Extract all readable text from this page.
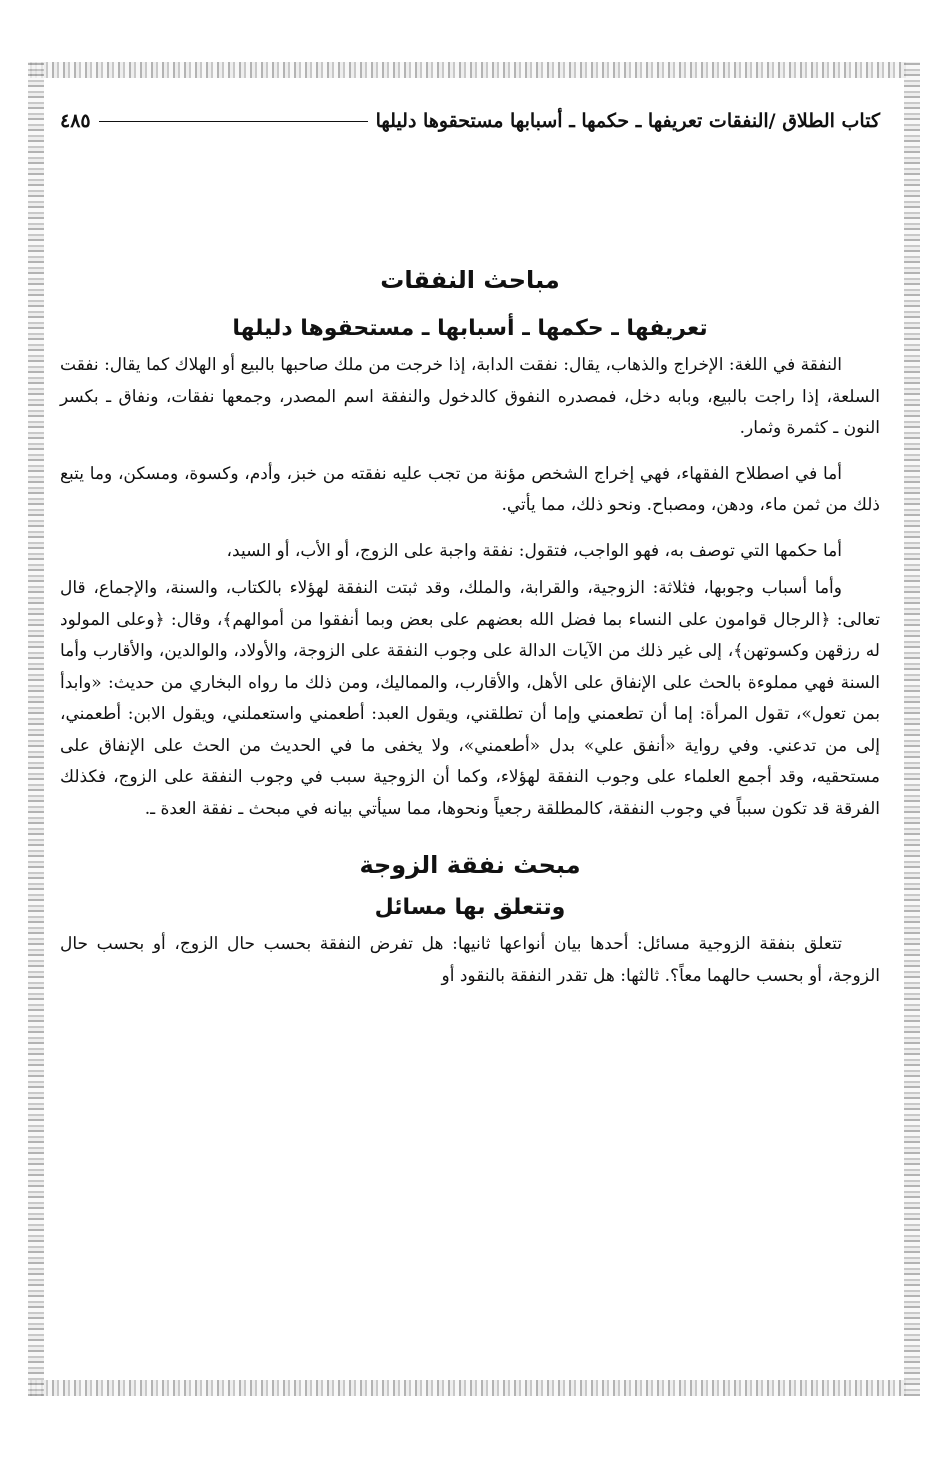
كتاب الطلاق /النفقات تعريفها ـ حكمها ـ أسبابها مستحقوها دليلها
٤٨٥
مباحث النفقات
تعريفها ـ حكمها ـ أسبابها ـ مستحقوها دليلها

النفقة في اللغة: الإخراج والذهاب، يقال: نفقت الدابة، إذا خرجت من ملك صاحبها بالبيع أو الهلاك كما يقال: نفقت السلعة، إذا راجت بالبيع، وبابه دخل، فمصدره النفوق كالدخول والنفقة اسم المصدر، وجمعها نفقات، ونفاق ـ بكسر النون ـ كثمرة وثمار.

أما في اصطلاح الفقهاء، فهي إخراج الشخص مؤنة من تجب عليه نفقته من خبز، وأدم، وكسوة، ومسكن، وما يتبع ذلك من ثمن ماء، ودهن، ومصباح. ونحو ذلك، مما يأتي.

أما حكمها التي توصف به، فهو الواجب، فتقول: نفقة واجبة على الزوج، أو الأب، أو السيد،

وأما أسباب وجوبها، فثلاثة: الزوجية، والقرابة، والملك، وقد ثبتت النفقة لهؤلاء بالكتاب، والسنة، والإجماع، قال تعالى: ﴿الرجال قوامون على النساء بما فضل الله بعضهم على بعض وبما أنفقوا من أموالهم﴾، وقال: ﴿وعلى المولود له رزقهن وكسوتهن﴾، إلى غير ذلك من الآيات الدالة على وجوب النفقة على الزوجة، والأولاد، والوالدين، والأقارب وأما السنة فهي مملوءة بالحث على الإنفاق على الأهل، والأقارب، والمماليك، ومن ذلك ما رواه البخاري من حديث: «وابدأ بمن تعول»، تقول المرأة: إما أن تطعمني وإما أن تطلقني، ويقول العبد: أطعمني واستعملني، ويقول الابن: أطعمني، إلى من تدعني. وفي رواية «أنفق علي» بدل «أطعمني»، ولا يخفى ما في الحديث من الحث على الإنفاق على مستحقيه، وقد أجمع العلماء على وجوب النفقة لهؤلاء، وكما أن الزوجية سبب في وجوب النفقة على الزوج، فكذلك الفرقة قد تكون سبباً في وجوب النفقة، كالمطلقة رجعياً ونحوها، مما سيأتي بيانه في مبحث ـ نفقة العدة ـ.

مبحث نفقة الزوجة
وتتعلق بها مسائل

تتعلق بنفقة الزوجية مسائل: أحدها بيان أنواعها ثانيها: هل تفرض النفقة بحسب حال الزوج، أو بحسب حال الزوجة، أو بحسب حالهما معاً؟. ثالثها: هل تقدر النفقة بالنقود أو
